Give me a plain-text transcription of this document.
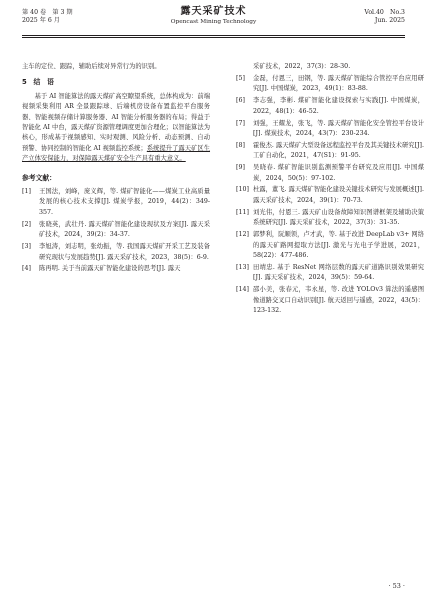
第 40 卷　第 3 期
2025 年 6 月
露天采矿技术
Opencast Mining Technology
Vol.40　No.3
Jun. 2025

主车的定位、跟踪，辅助后续对异常行为的识别。

5　结　语

基于 AI 智能算法的露天煤矿高空瞭望系统，总体构成为：前端视频采集利用 AR 全景跟踪球、后端机房设备布置监控平台服务器、智能视频存储计算服务器、AI 智能分析服务器的布局；得益于智能化 AI 中台，露天煤矿资源管理调度更加合理化；以智能算法为核心，形成基于视频感知、实时观测、风险分析、动态预测、自动预警、协同控制的智能化 AI 视频监控系统；系统提升了露天矿区生产立体安保能力，对保障露天煤矿安全生产具有重大意义。

参考文献：
[1]	王国法，刘峰，庞义辉，等. 煤矿智能化——煤炭工业高质量发展的核心技术支撑[J]. 煤炭学报，2019，44(2)：349-357.
[2]	张晓英，武壮丹. 露天煤矿智能化建设现状及方案[J]. 露天采矿技术，2024，39(2)：34-37.
[3]	李旭涛，刘志明，张幼振，等. 我国露天煤矿开采工艺及装备研究现状与发展趋势[J]. 露天采矿技术，2023，38(5)：6-9.
[4]	陈再明. 关于当前露天矿智能化建设的思考[J]. 露天
采矿技术，2022，37(3)：28-30.
[5]	金磊，付恩三，田钢，等. 露天煤矿智能综合管控平台应用研究[J]. 中国煤炭，2023，49(1)：83-88.
[6]	李志强，李彬. 煤矿智能化建设探索与实践[J]. 中国煤炭，2022，48(1)：46-52.
[7]	刘强，王耀龙，张飞，等. 露天煤矿智能化安全管控平台设计[J]. 煤炭技术，2024，43(7)：230-234.
[8]	霍俊杰. 露天煤矿大型设备远程监控平台及其关键技术研究[J]. 工矿自动化，2021，47(S1)：91-95.
[9]	吴晓春. 煤矿智能识别监测预警平台研究及应用[J]. 中国煤炭，2024，50(5)：97-102.
[10] 杜露，董飞. 露天煤矿智能化建设关键技术研究与发展概述[J]. 露天采矿技术，2024，39(1)：70-73.
[11] 刘光伟，付恩三. 露天矿山设备故障知识图谱框架及辅助决策系统研究[J]. 露天采矿技术，2022，37(3)：31-35.
[12] 郭梦利，阮顺领，卢才武，等. 基于改进 DeepLab v3+ 网络的露天矿路网提取方法[J]. 激光与光电子学进展，2021，58(22)：477-486.
[13] 田靖忠. 基于 ResNet 网络层数的露天矿道路识别效果研究[J]. 露天采矿技术，2024，39(5)：59-64.
[14] 邵小美，张春元，韦永星，等. 改进 YOLOv3 算法的遥感图像道路交叉口自动识别[J]. 航天返回与遥感，2022，43(5)：123-132.
· 53 ·
